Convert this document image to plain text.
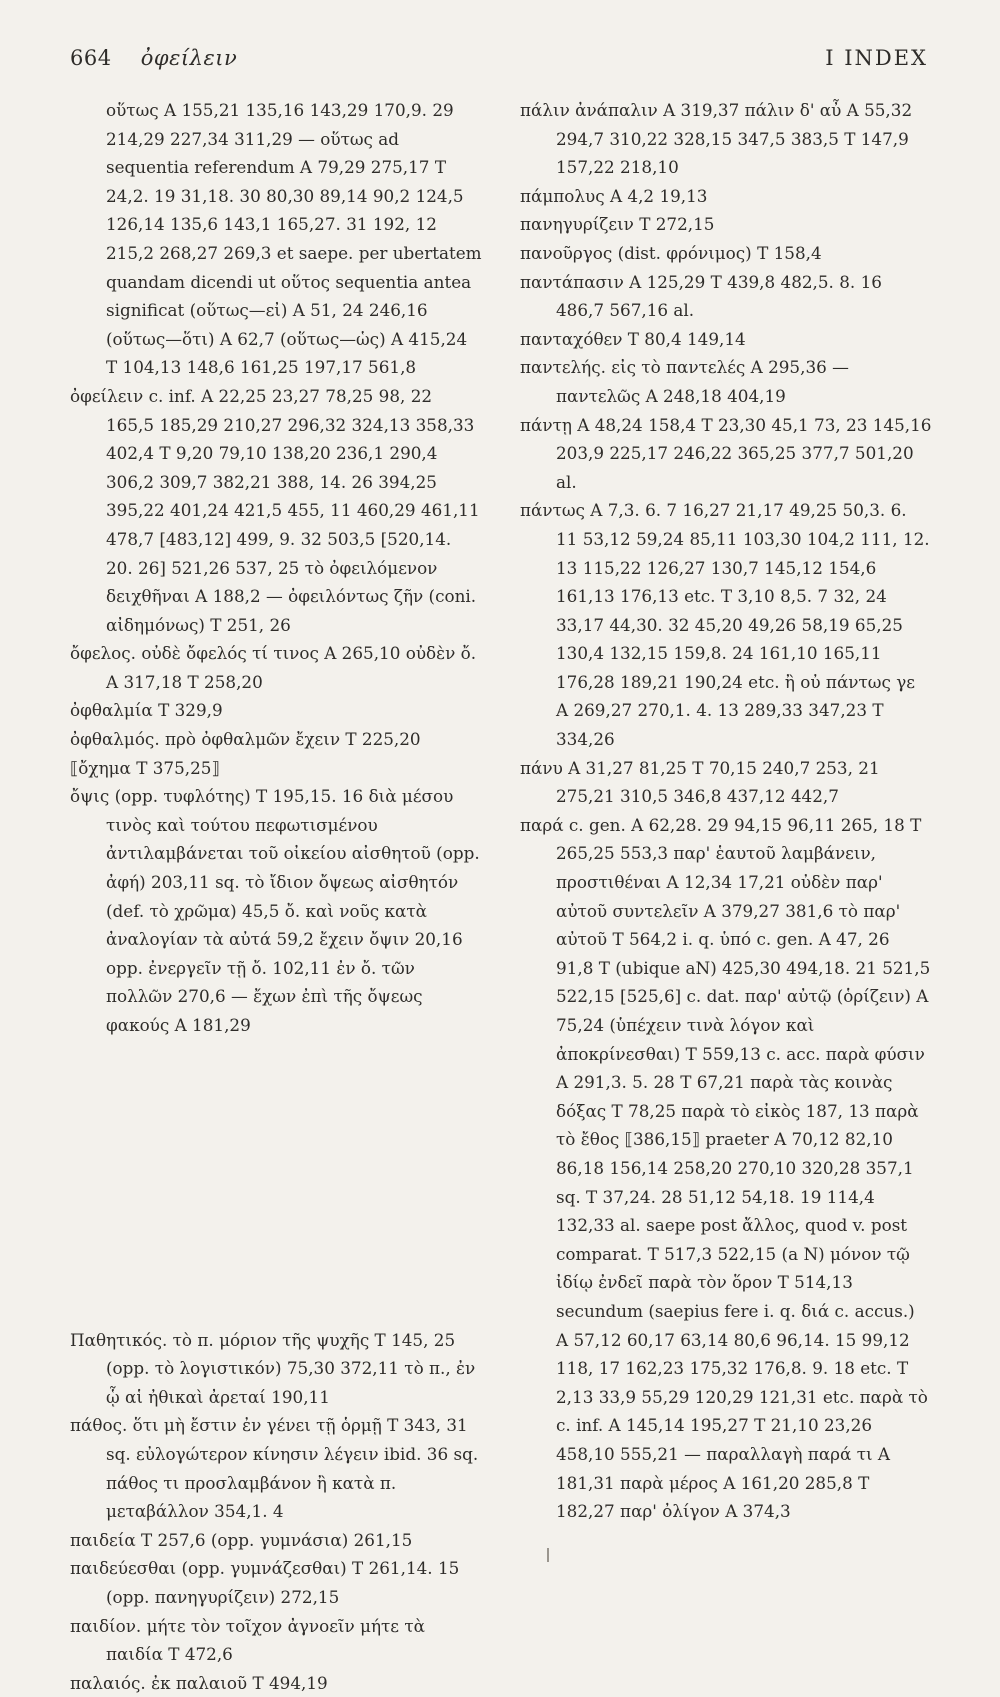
664 ὀφείλειν	I INDEX

οὕτως Α 155,21 135,16 143,29 170,9. 29 214,29 227,34 311,29 — οὕτως ad sequentia referendum Α 79,29 275,17 Τ 24,2. 19 31,18. 30 80,30 89,14 90,2 124,5 126,14 135,6 143,1 165,27. 31 192, 12 215,2 268,27 269,3 et saepe. per ubertatem quandam dicendi ut οὕτος sequentia antea significat (οὕτως—εἰ) Α 51, 24 246,16 (οὕτως—ὅτι) Α 62,7 (οὕτως—ὡς) Α 415,24 Τ 104,13 148,6 161,25 197,17 561,8

ὀφείλειν c. inf. Α 22,25 23,27 78,25 98, 22 165,5 185,29 210,27 296,32 324,13 358,33 402,4 Τ 9,20 79,10 138,20 236,1 290,4 306,2 309,7 382,21 388, 14. 26 394,25 395,22 401,24 421,5 455, 11 460,29 461,11 478,7 [483,12] 499, 9. 32 503,5 [520,14. 20. 26] 521,26 537, 25 τὸ ὀφειλόμενον δειχθῆναι Α 188,2 — ὀφειλόντως ζῆν (coni. αἰδημόνως) Τ 251, 26

ὄφελος. οὐδὲ ὄφελός τί τινος Α 265,10 οὐδὲν ὄ. Α 317,18 Τ 258,20

ὀφθαλμία Τ 329,9

ὀφθαλμός. πρὸ ὀφθαλμῶν ἔχειν Τ 225,20

⟦ὄχημα Τ 375,25⟧

ὄψις (opp. τυφλότης) Τ 195,15. 16 διὰ μέσου τινὸς καὶ τούτου πεφωτισμένου ἀντιλαμβάνεται τοῦ οἰκείου αἰσθητοῦ (opp. ἀφή) 203,11 sq. τὸ ἴδιον ὄψεως αἰσθητόν (def. τὸ χρῶμα) 45,5 ὄ. καὶ νοῦς κατὰ ἀναλογίαν τὰ αὐτά 59,2 ἔχειν ὄψιν 20,16 opp. ἐνεργεῖν τῇ ὄ. 102,11 ἐν ὄ. τῶν πολλῶν 270,6 — ἔχων ἐπὶ τῆς ὄψεως φακούς Α 181,29

Παθητικός. τὸ π. μόριον τῆς ψυχῆς Τ 145, 25 (opp. τὸ λογιστικόν) 75,30 372,11 τὸ π., ἐν ᾧ αἱ ἠθικαὶ ἀρεταί 190,11

πάθος. ὅτι μὴ ἔστιν ἐν γένει τῇ ὁρμῇ Τ 343, 31 sq. εὐλογώτερον κίνησιν λέγειν ibid. 36 sq. πάθος τι προσλαμβάνον ἢ κατὰ π. μεταβάλλον 354,1. 4

παιδεία Τ 257,6 (opp. γυμνάσια) 261,15

παιδεύεσθαι (opp. γυμνάζεσθαι) Τ 261,14. 15 (opp. πανηγυρίζειν) 272,15

παιδίον. μήτε τὸν τοῖχον ἀγνοεῖν μήτε τὰ παιδία Τ 472,6

παλαιός. ἐκ παλαιοῦ Τ 494,19

πάλιν ἀνάπαλιν Α 319,37 πάλιν δ' αὖ Α 55,32 294,7 310,22 328,15 347,5 383,5 Τ 147,9 157,22 218,10

πάμπολυς Α 4,2 19,13

πανηγυρίζειν Τ 272,15

πανοῦργος (dist. φρόνιμος) Τ 158,4

παντάπασιν Α 125,29 Τ 439,8 482,5. 8. 16 486,7 567,16 al.

πανταχόθεν Τ 80,4 149,14

παντελής. εἰς τὸ παντελές Α 295,36 — παντελῶς Α 248,18 404,19

πάντῃ Α 48,24 158,4 Τ 23,30 45,1 73, 23 145,16 203,9 225,17 246,22 365,25 377,7 501,20 al.

πάντως Α 7,3. 6. 7 16,27 21,17 49,25 50,3. 6. 11 53,12 59,24 85,11 103,30 104,2 111, 12. 13 115,22 126,27 130,7 145,12 154,6 161,13 176,13 etc. Τ 3,10 8,5. 7 32, 24 33,17 44,30. 32 45,20 49,26 58,19 65,25 130,4 132,15 159,8. 24 161,10 165,11 176,28 189,21 190,24 etc. ἢ οὐ πάντως γε Α 269,27 270,1. 4. 13 289,33 347,23 Τ 334,26

πάνυ Α 31,27 81,25 Τ 70,15 240,7 253, 21 275,21 310,5 346,8 437,12 442,7

παρά c. gen. Α 62,28. 29 94,15 96,11 265, 18 Τ 265,25 553,3 παρ' ἑαυτοῦ λαμβάνειν, προστιθέναι Α 12,34 17,21 οὐδὲν παρ' αὐτοῦ συντελεῖν Α 379,27 381,6 τὸ παρ' αὐτοῦ Τ 564,2 i. q. ὑπό c. gen. Α 47, 26 91,8 Τ (ubique aN) 425,30 494,18. 21 521,5 522,15 [525,6] c. dat. παρ' αὐτῷ (ὁρίζειν) Α 75,24 (ὑπέχειν τινὰ λόγον καὶ ἀποκρίνεσθαι) Τ 559,13 c. acc. παρὰ φύσιν Α 291,3. 5. 28 Τ 67,21 παρὰ τὰς κοινὰς δόξας Τ 78,25 παρὰ τὸ εἰκὸς 187, 13 παρὰ τὸ ἔθος ⟦386,15⟧ praeter Α 70,12 82,10 86,18 156,14 258,20 270,10 320,28 357,1 sq. Τ 37,24. 28 51,12 54,18. 19 114,4 132,33 al. saepe post ἄλλος, quod v. post comparat. Τ 517,3 522,15 (a N) μόνον τῷ ἰδίῳ ἐνδεῖ παρὰ τὸν ὅρον Τ 514,13 secundum (saepius fere i. q. διά c. accus.) Α 57,12 60,17 63,14 80,6 96,14. 15 99,12 118, 17 162,23 175,32 176,8. 9. 18 etc. Τ 2,13 33,9 55,29 120,29 121,31 etc. παρὰ τὸ c. inf. Α 145,14 195,27 Τ 21,10 23,26 458,10 555,21 — παραλλαγὴ παρά τι Α 181,31 παρὰ μέρος Α 161,20 285,8 Τ 182,27 παρ' ὀλίγον Α 374,3
